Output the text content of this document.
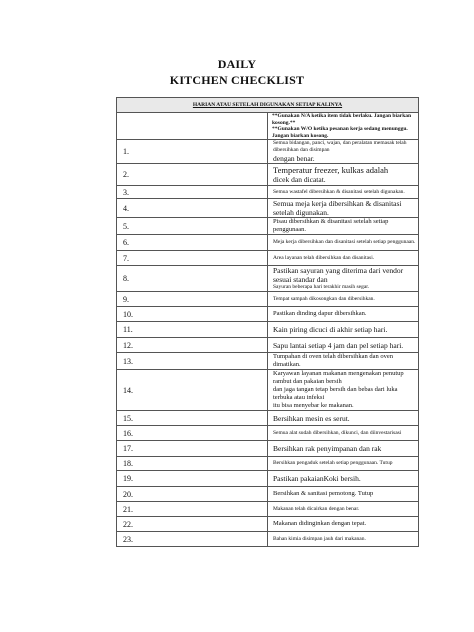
DAILY
KITCHEN CHECKLIST
HARIAN ATAU SETELAH DIGUNAKAN SETIAP KALINYA	

	**Gunakan N/A ketika item tidak berlaku. Jangan biarkan kosong.**
**Gunakan W/O ketika pesanan kerja sedang menunggu. Jangan biarkan kosong.

1.	Semua bidangan, panci, wajan, dan peralatan memasak telah dibersihkan dan disimpan
dengan benar.

2.	Temperatur freezer, kulkas adalah
dicek dan dicatat.

3.	Semua wastafel dibersihkan & disanitasi setelah digunakan.

4.	Semua meja kerja dibersihkan & disanitasi setelah digunakan.

5.	Pisau dibersihkan & disanitasi setelah setiap penggunaan.

6.	Meja kerja dibersihkan dan disanitasi setelah setiap penggunaan.

7.	Area layanan telah dibersihkan dan disanitasi.

8.	Pastikan sayuran yang diterima dari vendor sesuai standar dan
Sayuran beberapa hari terakhir masih segar.

9.	Tempat sampah dikosongkan dan dibersihkan.

10.	Pastikan dinding dapur dibersihkan.

11.	Kain piring dicuci di akhir setiap hari.

12.	Sapu lantai setiap 4 jam dan pel setiap hari.

13.	Tumpahan di oven telah dibersihkan dan oven dimatikan.

14.	Karyawan layanan makanan mengenakan penutup rambut dan pakaian bersih
dan jaga tangan tetap bersih dan bebas dari luka terbuka atau infeksi
itu bisa menyebar ke makanan.

15.	Bersihkan mesin es serut.

16.	Semua alat sudah dibersihkan, dikunci, dan diinvestarisasi

17.	Bersihkan rak penyimpanan dan rak

18.	Bersihkan pengaduk setelah setiap penggunaan. Tutup

19.	Pastikan pakaianKoki bersih.

20.	Bersihkan & sanitasi pemotong. Tutup

21.	Makanan telah dicairkan dengan benar.

22.	Makanan didinginkan dengan tepat.

23.	Bahan kimia disimpan jauh dari makanan.
